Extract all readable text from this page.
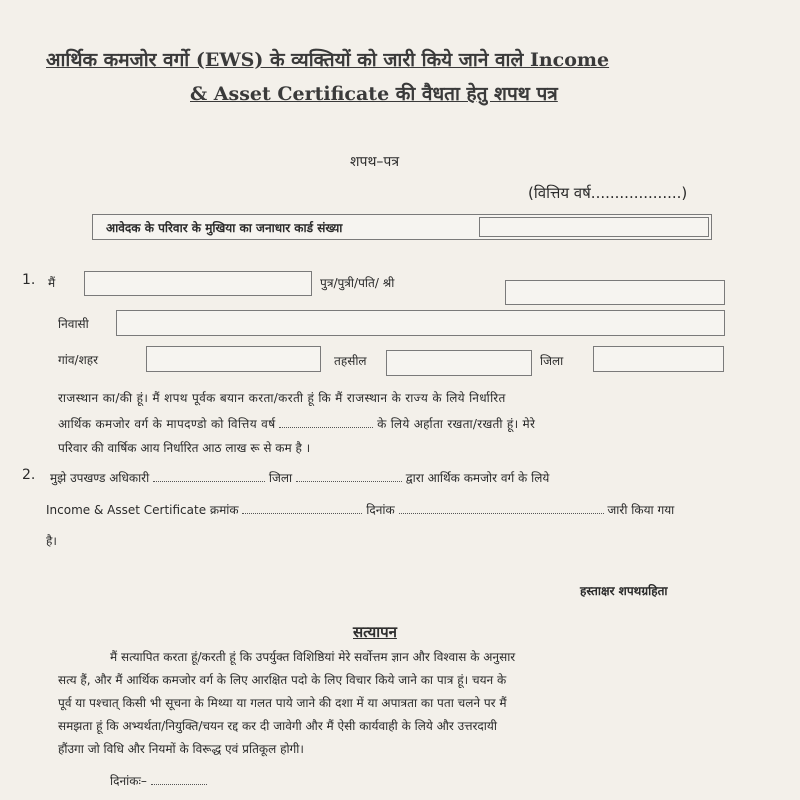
आर्थिक कमजोर वर्गो (EWS) के व्यक्तियों को जारी किये जाने वाले Income
& Asset Certificate की वैधता हेतु शपथ पत्र
शपथ–पत्र
(वित्तिय वर्ष...................)
आवेदक के परिवार के मुखिया का जनाधार कार्ड संख्या
1. मैं	पुत्र/पुत्री/पति/ श्री
निवासी
गांव/शहर	तहसील	जिला
राजस्थान का/की हूं। मैं शपथ पूर्वक बयान करता/करती हूं कि मैं राजस्थान के राज्य के लिये निर्धारित
आर्थिक कमजोर वर्ग के मापदण्डो को वित्तिय वर्ष	के लिये अर्हाता रखता/रखती हूं। मेरे
परिवार की वार्षिक आय निर्धारित आठ लाख रू से कम है ।
2. मुझे उपखण्ड अधिकारी	जिला	द्वारा आर्थिक कमजोर वर्ग के लिये
Income & Asset Certificate क्रमांक	दिनांक	जारी किया गया
है।
हस्ताक्षर शपथग्रहिता
सत्यापन
मैं सत्यापित करता हूं/करती हूं कि उपर्युक्त विशिष्ठियां मेरे सर्वोत्तम ज्ञान और विश्वास के अनुसार
सत्य हैं, और मैं आर्थिक कमजोर वर्ग के लिए आरक्षित पदो के लिए विचार किये जाने का पात्र हूं। चयन के
पूर्व या पश्चात् किसी भी सूचना के मिथ्या या गलत पाये जाने की दशा में या अपात्रता का पता चलने पर मैं
समझता हूं कि अभ्यर्थता/नियुक्ति/चयन रद्द कर दी जावेगी और मैं ऐसी कार्यवाही के लिये और उत्तरदायी
हौंउगा जो विधि और नियमों के विरूद्ध एवं प्रतिकूल होगी।
दिनांकः–
